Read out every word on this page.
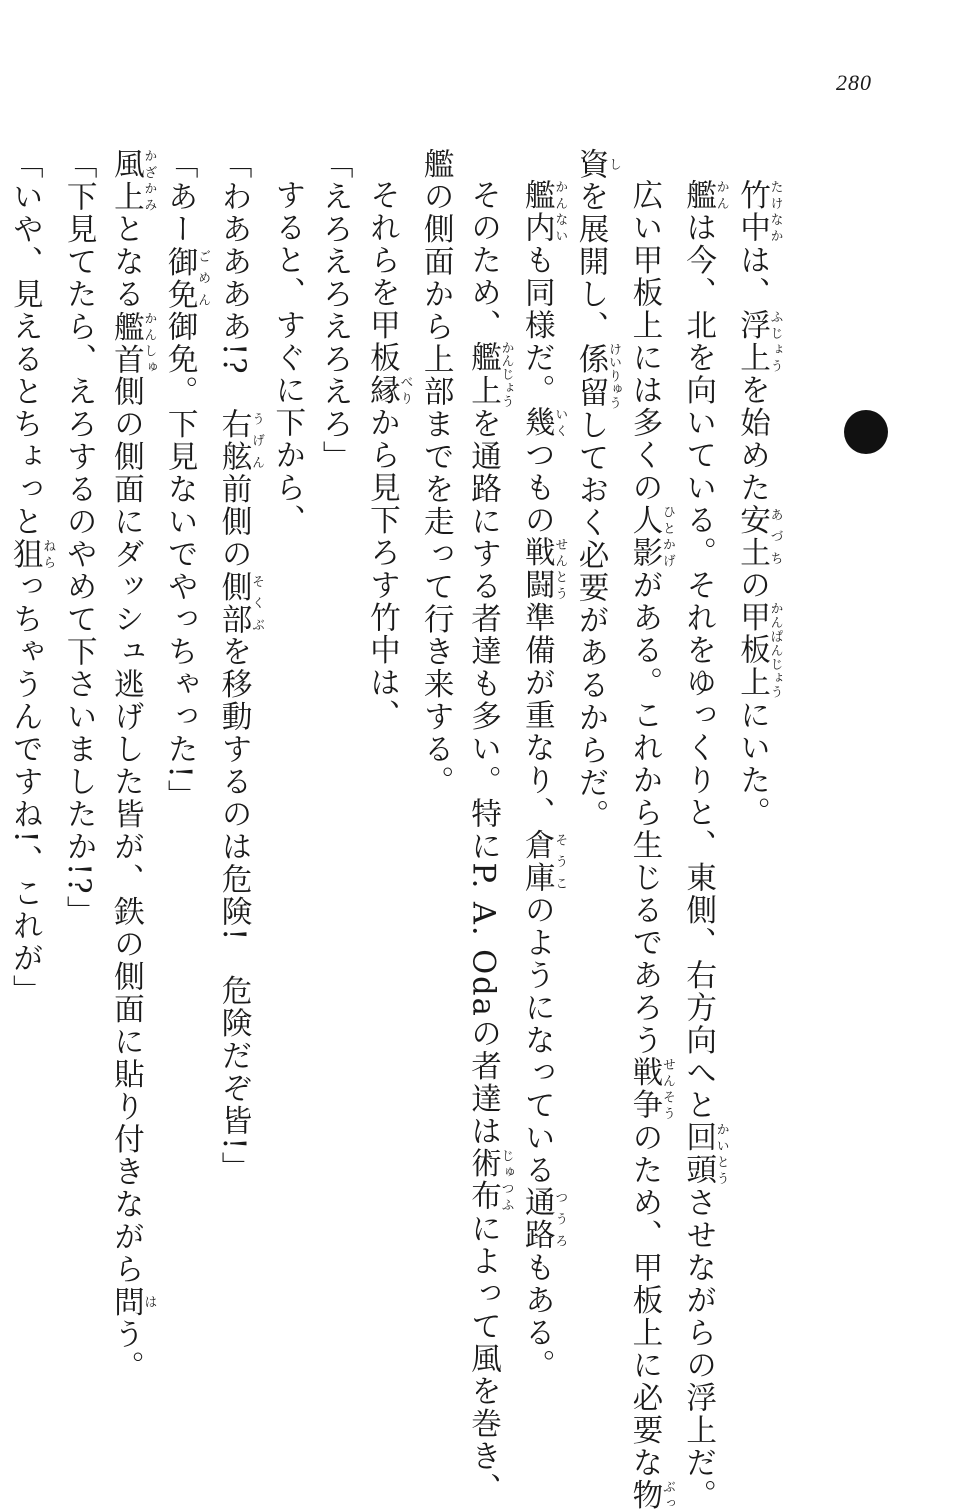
280

竹中たけなかは、浮上ふじょうを始めた安土あづちの甲板上かんぱんじょうにいた。

艦かんは今、北を向いている。それをゆっくりと、東側、右方向へと回頭かいとうさせながらの浮上だ。

広い甲板上には多くの人影ひとかげがある。これから生じるであろう戦争せんそうのため、甲板上に必要な物ぶっ

資しを展開し、係留けいりゅうしておく必要があるからだ。

艦内かんないも同様だ。幾いくつもの戦闘せんとう準備が重なり、倉庫そうこのようになっている通路つうろもある。

そのため、艦上かんじょうを通路にする者達も多い。特にP. A. Odaの者達は術布じゅつふによって風を巻き、

艦の側面から上部までを走って行き来する。

それらを甲板縁べりから見下ろす竹中は、

「えろえろえろえろ」

すると、すぐに下から、

「わああああ!?　右舷うげん前側の側部そくぶを移動するのは危険!　危険だぞ皆!」

「あー御免ごめん御免。下見ないでやっちゃった!」

風上かざかみとなる艦首かんしゅ側の側面にダッシュ逃げした皆が、鉄の側面に貼り付きながら問はう。

「下見てたら、えろするのやめて下さいましたか!?」

「いや、見えるとちょっと狙ねらっちゃうんですね!、これが」
